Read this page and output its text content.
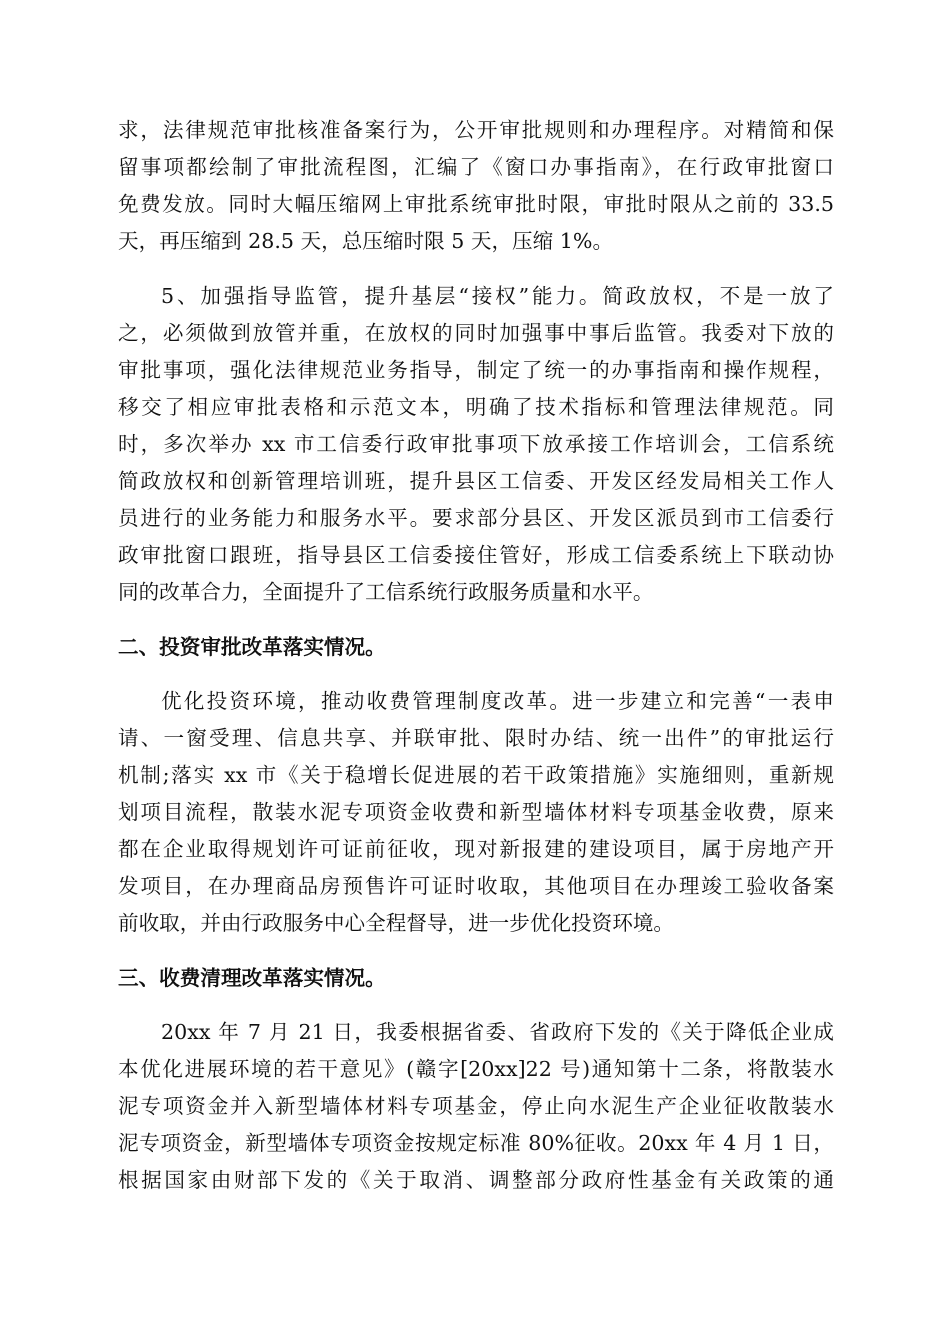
求，法律规范审批核准备案行为，公开审批规则和办理程序。对精简和保
留事项都绘制了审批流程图，汇编了《窗口办事指南》，在行政审批窗口
免费发放。同时大幅压缩网上审批系统审批时限，审批时限从之前的 33.5
天，再压缩到 28.5 天，总压缩时限 5 天，压缩 1%。
5、加强指导监管，提升基层“接权”能力。简政放权，不是一放了
之，必须做到放管并重，在放权的同时加强事中事后监管。我委对下放的
审批事项，强化法律规范业务指导，制定了统一的办事指南和操作规程，
移交了相应审批表格和示范文本，明确了技术指标和管理法律规范。同
时，多次举办 xx 市工信委行政审批事项下放承接工作培训会，工信系统
简政放权和创新管理培训班，提升县区工信委、开发区经发局相关工作人
员进行的业务能力和服务水平。要求部分县区、开发区派员到市工信委行
政审批窗口跟班，指导县区工信委接住管好，形成工信委系统上下联动协
同的改革合力，全面提升了工信系统行政服务质量和水平。
二、投资审批改革落实情况。
优化投资环境，推动收费管理制度改革。进一步建立和完善“一表申
请、一窗受理、信息共享、并联审批、限时办结、统一出件”的审批运行
机制;落实 xx 市《关于稳增长促进展的若干政策措施》实施细则，重新规
划项目流程，散装水泥专项资金收费和新型墙体材料专项基金收费，原来
都在企业取得规划许可证前征收，现对新报建的建设项目，属于房地产开
发项目，在办理商品房预售许可证时收取，其他项目在办理竣工验收备案
前收取，并由行政服务中心全程督导，进一步优化投资环境。
三、收费清理改革落实情况。
20xx 年 7 月 21 日，我委根据省委、省政府下发的《关于降低企业成
本优化进展环境的若干意见》(赣字[20xx]22 号)通知第十二条，将散装水
泥专项资金并入新型墙体材料专项基金，停止向水泥生产企业征收散装水
泥专项资金，新型墙体专项资金按规定标准 80%征收。20xx 年 4 月 1 日，
根据国家由财部下发的《关于取消、调整部分政府性基金有关政策的通
